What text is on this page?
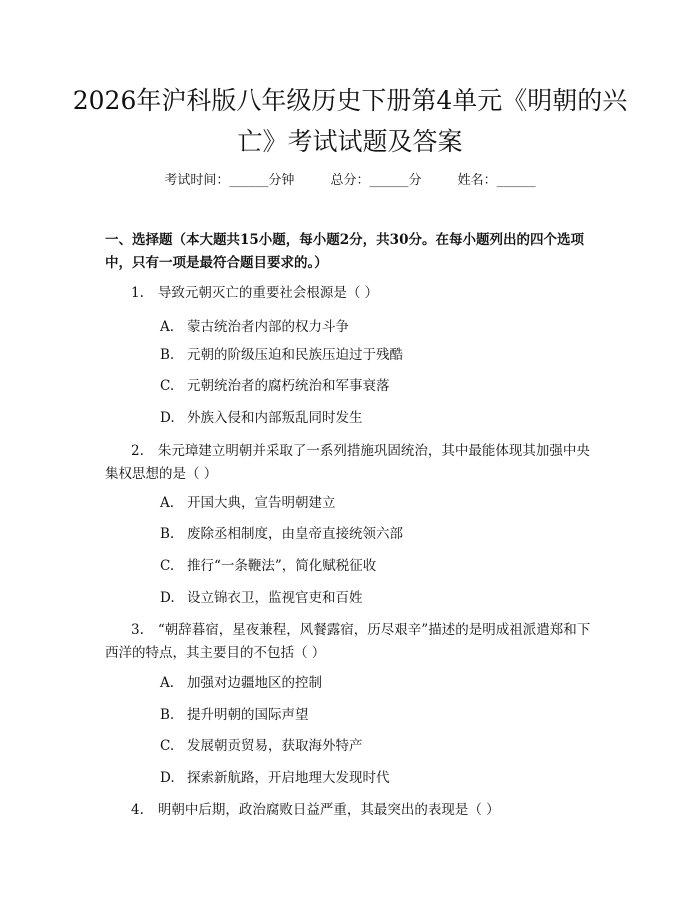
2026年沪科版八年级历史下册第4单元《明朝的兴亡》考试试题及答案
考试时间：______分钟	总分：______分	姓名：______

一、选择题（本大题共15小题，每小题2分，共30分。在每小题列出的四个选项中，只有一项是最符合题目要求的。）

1. 导致元朝灭亡的重要社会根源是（ ）

A. 蒙古统治者内部的权力斗争

B. 元朝的阶级压迫和民族压迫过于残酷

C. 元朝统治者的腐朽统治和军事衰落

D. 外族入侵和内部叛乱同时发生

2. 朱元璋建立明朝并采取了一系列措施巩固统治，其中最能体现其加强中央集权思想的是（ ）

A. 开国大典，宣告明朝建立

B. 废除丞相制度，由皇帝直接统领六部

C. 推行“一条鞭法”，简化赋税征收

D. 设立锦衣卫，监视官吏和百姓

3. “朝辞暮宿，星夜兼程，风餐露宿，历尽艰辛”描述的是明成祖派遣郑和下西洋的特点，其主要目的不包括（ ）

A. 加强对边疆地区的控制

B. 提升明朝的国际声望

C. 发展朝贡贸易，获取海外特产

D. 探索新航路，开启地理大发现时代

4. 明朝中后期，政治腐败日益严重，其最突出的表现是（ ）
